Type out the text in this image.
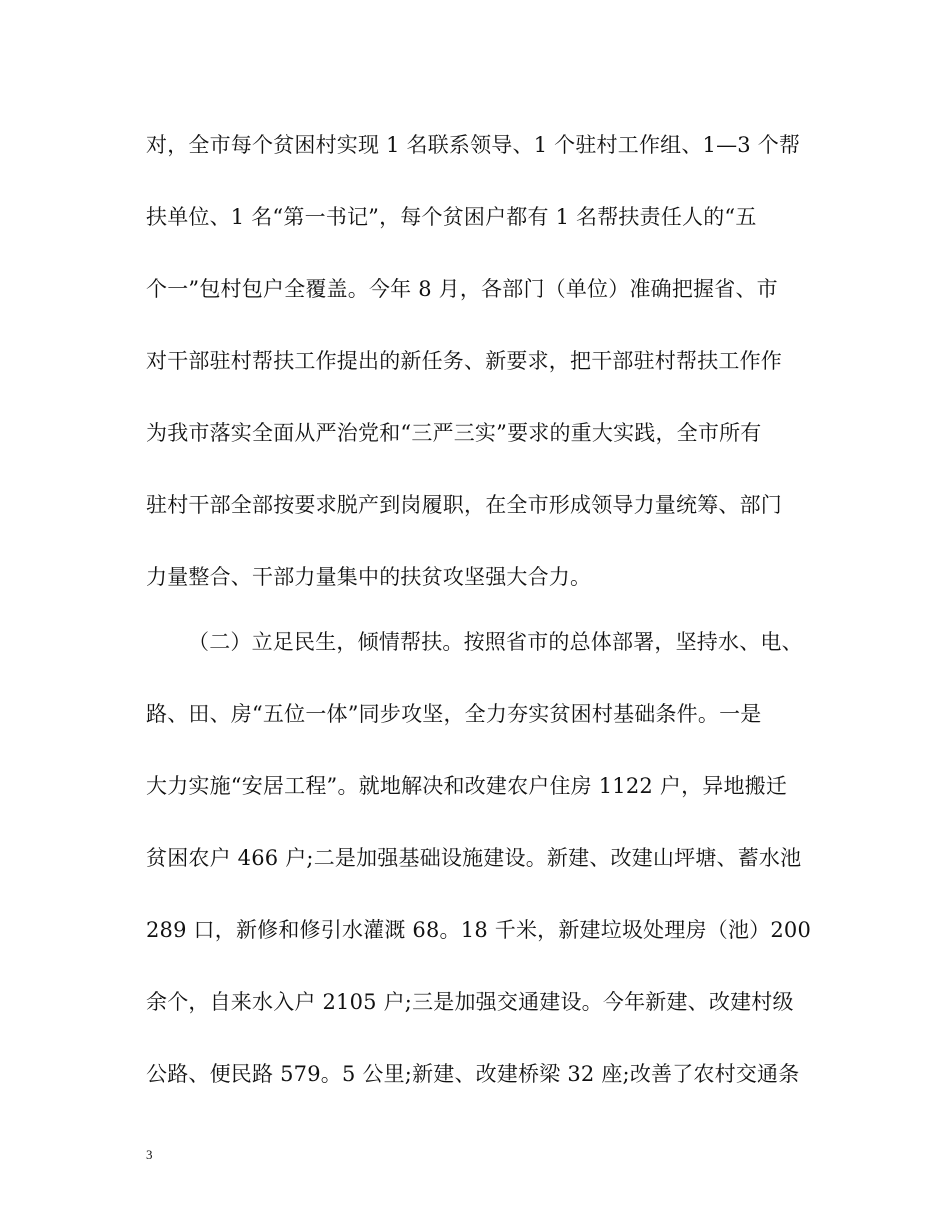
对，全市每个贫困村实现 1 名联系领导、1 个驻村工作组、1—3 个帮
扶单位、1 名“第一书记”，每个贫困户都有 1 名帮扶责任人的“五
个一”包村包户全覆盖。今年 8 月，各部门（单位）准确把握省、市
对干部驻村帮扶工作提出的新任务、新要求，把干部驻村帮扶工作作
为我市落实全面从严治党和“三严三实”要求的重大实践，全市所有
驻村干部全部按要求脱产到岗履职，在全市形成领导力量统筹、部门
力量整合、干部力量集中的扶贫攻坚强大合力。
（二）立足民生，倾情帮扶。按照省市的总体部署，坚持水、电、
路、田、房“五位一体”同步攻坚，全力夯实贫困村基础条件。一是
大力实施“安居工程”。就地解决和改建农户住房 1122 户，异地搬迁
贫困农户 466 户;二是加强基础设施建设。新建、改建山坪塘、蓄水池
289 口，新修和修引水灌溉 68。18 千米，新建垃圾处理房（池）200
余个，自来水入户 2105 户;三是加强交通建设。今年新建、改建村级
公路、便民路 579。5 公里;新建、改建桥梁 32 座;改善了农村交通条
3
